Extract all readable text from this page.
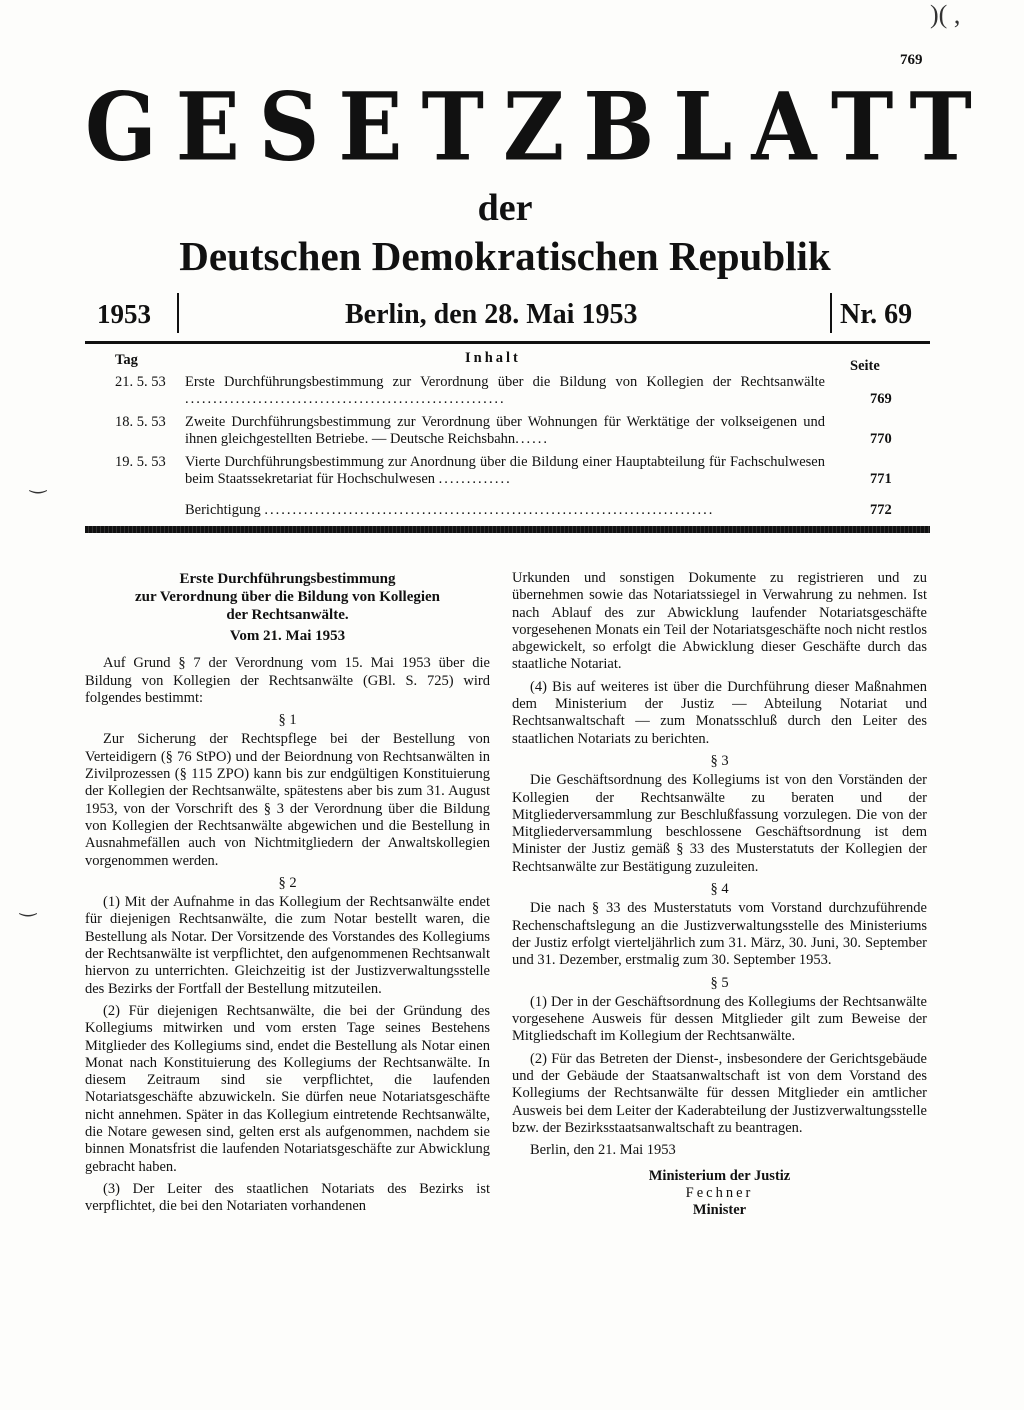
769
GESETZBLATT
der
Deutschen Demokratischen Republik
1953	Berlin, den 28. Mai 1953	Nr. 69
Tag	Inhalt	Seite
21. 5. 53 Erste Durchführungsbestimmung zur Verordnung über die Bildung von Kollegien der Rechtsanwälte .........................................................	769
18. 5. 53 Zweite Durchführungsbestimmung zur Verordnung über Wohnungen für Werktätige der volkseigenen und ihnen gleichgestellten Betriebe. — Deutsche Reichsbahn......	770
19. 5. 53 Vierte Durchführungsbestimmung zur Anordnung über die Bildung einer Hauptabteilung für Fachschulwesen beim Staatssekretariat für Hochschulwesen .............	771
Berichtigung ................................................................................	772
Erste Durchführungsbestimmung
zur Verordnung über die Bildung von Kollegien
der Rechtsanwälte.
Vom 21. Mai 1953

Auf Grund § 7 der Verordnung vom 15. Mai 1953 über die Bildung von Kollegien der Rechtsanwälte (GBl. S. 725) wird folgendes bestimmt:

§ 1

Zur Sicherung der Rechtspflege bei der Bestellung von Verteidigern (§ 76 StPO) und der Beiordnung von Rechtsanwälten in Zivilprozessen (§ 115 ZPO) kann bis zur endgültigen Konstituierung der Kollegien der Rechtsanwälte, spätestens aber bis zum 31. August 1953, von der Vorschrift des § 3 der Verordnung über die Bildung von Kollegien der Rechtsanwälte abgewichen und die Bestellung in Ausnahmefällen auch von Nichtmitgliedern der Anwaltskollegien vorgenommen werden.

§ 2

(1) Mit der Aufnahme in das Kollegium der Rechtsanwälte endet für diejenigen Rechtsanwälte, die zum Notar bestellt waren, die Bestellung als Notar. Der Vorsitzende des Vorstandes des Kollegiums der Rechtsanwälte ist verpflichtet, den aufgenommenen Rechtsanwalt hiervon zu unterrichten. Gleichzeitig ist der Justizverwaltungsstelle des Bezirks der Fortfall der Bestellung mitzuteilen.

(2) Für diejenigen Rechtsanwälte, die bei der Gründung des Kollegiums mitwirken und vom ersten Tage seines Bestehens Mitglieder des Kollegiums sind, endet die Bestellung als Notar einen Monat nach Konstituierung des Kollegiums der Rechtsanwälte. In diesem Zeitraum sind sie verpflichtet, die laufenden Notariatsgeschäfte abzuwickeln. Sie dürfen neue Notariatsgeschäfte nicht annehmen. Später in das Kollegium eintretende Rechtsanwälte, die Notare gewesen sind, gelten erst als aufgenommen, nachdem sie binnen Monatsfrist die laufenden Notariatsgeschäfte zur Abwicklung gebracht haben.

(3) Der Leiter des staatlichen Notariats des Bezirks ist verpflichtet, die bei den Notariaten vorhandenen

Urkunden und sonstigen Dokumente zu registrieren und zu übernehmen sowie das Notariatssiegel in Verwahrung zu nehmen. Ist nach Ablauf des zur Abwicklung laufender Notariatsgeschäfte vorgesehenen Monats ein Teil der Notariatsgeschäfte noch nicht restlos abgewickelt, so erfolgt die Abwicklung dieser Geschäfte durch das staatliche Notariat.

(4) Bis auf weiteres ist über die Durchführung dieser Maßnahmen dem Ministerium der Justiz — Abteilung Notariat und Rechtsanwaltschaft — zum Monatsschluß durch den Leiter des staatlichen Notariats zu berichten.

§ 3

Die Geschäftsordnung des Kollegiums ist von den Vorständen der Kollegien der Rechtsanwälte zu beraten und der Mitgliederversammlung zur Beschlußfassung vorzulegen. Die von der Mitgliederversammlung beschlossene Geschäftsordnung ist dem Minister der Justiz gemäß § 33 des Musterstatuts der Kollegien der Rechtsanwälte zur Bestätigung zuzuleiten.

§ 4

Die nach § 33 des Musterstatuts vom Vorstand durchzuführende Rechenschaftslegung an die Justizverwaltungsstelle des Ministeriums der Justiz erfolgt vierteljährlich zum 31. März, 30. Juni, 30. September und 31. Dezember, erstmalig zum 30. September 1953.

§ 5

(1) Der in der Geschäftsordnung des Kollegiums der Rechtsanwälte vorgesehene Ausweis für dessen Mitglieder gilt zum Beweise der Mitgliedschaft im Kollegium der Rechtsanwälte.

(2) Für das Betreten der Dienst-, insbesondere der Gerichtsgebäude und der Gebäude der Staatsanwaltschaft ist von dem Vorstand des Kollegiums der Rechtsanwälte für dessen Mitglieder ein amtlicher Ausweis bei dem Leiter der Kaderabteilung der Justizverwaltungsstelle bzw. der Bezirksstaatsanwaltschaft zu beantragen.

Berlin, den 21. Mai 1953

Ministerium der Justiz
Fechner
Minister
‿
‿
)( ,
